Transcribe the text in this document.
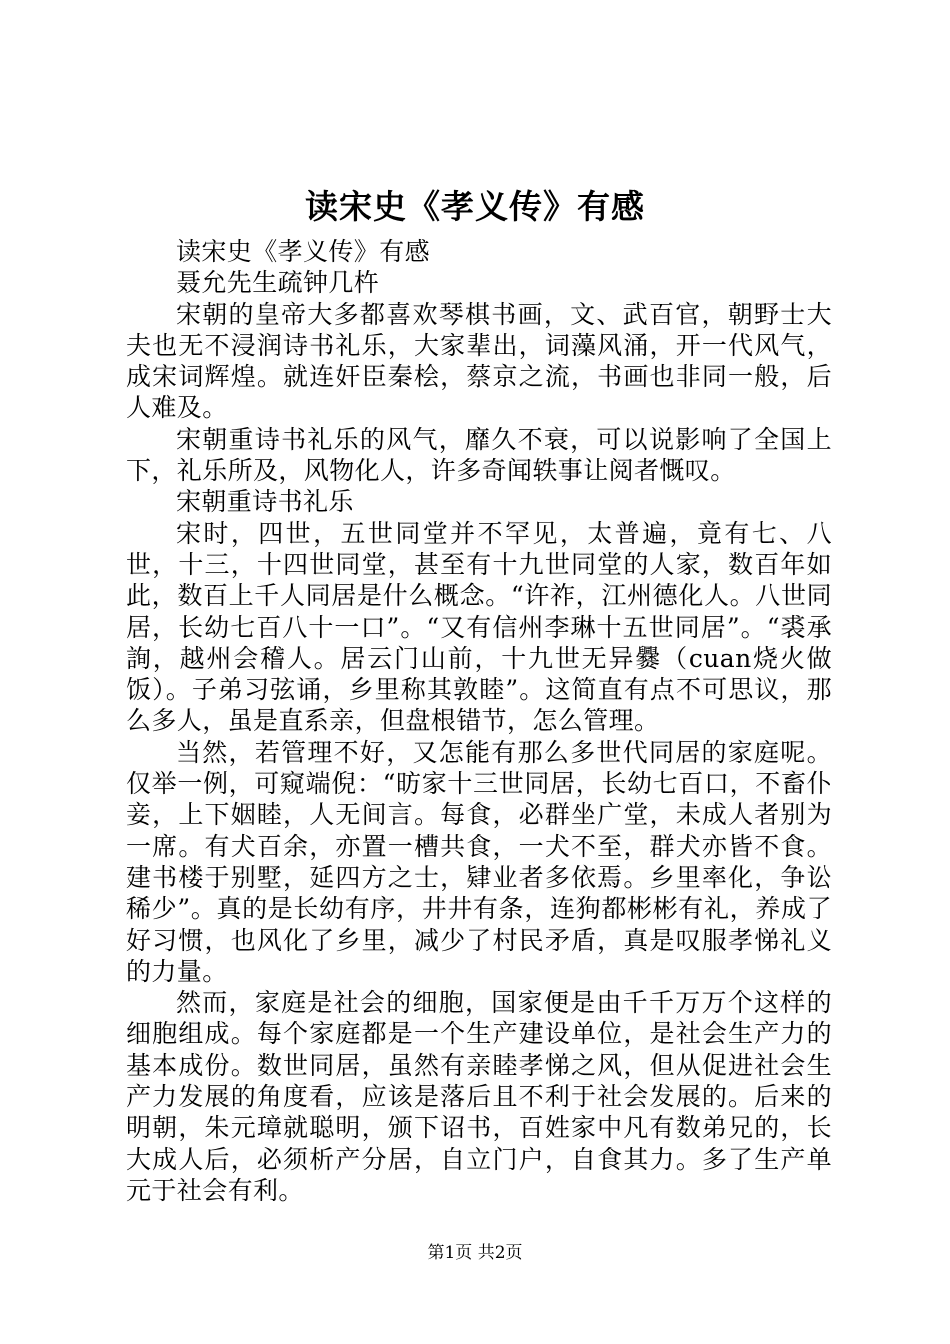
读宋史《孝义传》有感

读宋史《孝义传》有感

聂允先生疏钟几杵

宋朝的皇帝大多都喜欢琴棋书画，文、武百官，朝野士大夫也无不浸润诗书礼乐，大家辈出，词藻风涌，开一代风气，成宋词辉煌。就连奸臣秦桧，蔡京之流，书画也非同一般，后人难及。

宋朝重诗书礼乐的风气，靡久不衰，可以说影响了全国上下，礼乐所及，风物化人，许多奇闻轶事让阅者慨叹。

宋朝重诗书礼乐

宋时，四世，五世同堂并不罕见，太普遍，竟有七、八世，十三，十四世同堂，甚至有十九世同堂的人家，数百年如此，数百上千人同居是什么概念。“许祚，江州德化人。八世同居，长幼七百八十一口”。“又有信州李琳十五世同居”。“裘承詢，越州会稽人。居云门山前，十九世无异爨（cuan烧火做饭）。子弟习弦诵，乡里称其敦睦”。这简直有点不可思议，那么多人，虽是直系亲，但盘根错节，怎么管理。

当然，若管理不好，又怎能有那么多世代同居的家庭呢。仅举一例，可窥端倪：“昉家十三世同居，长幼七百口，不畜仆妾，上下姻睦，人无间言。每食，必群坐广堂，未成人者别为一席。有犬百余，亦置一槽共食，一犬不至，群犬亦皆不食。建书楼于别墅，延四方之士，肄业者多依焉。乡里率化，争讼稀少”。真的是长幼有序，井井有条，连狗都彬彬有礼，养成了好习惯，也风化了乡里，减少了村民矛盾，真是叹服孝悌礼义的力量。

然而，家庭是社会的细胞，国家便是由千千万万个这样的细胞组成。每个家庭都是一个生产建设单位，是社会生产力的基本成份。数世同居，虽然有亲睦孝悌之风，但从促进社会生产力发展的角度看，应该是落后且不利于社会发展的。后来的明朝，朱元璋就聪明，颁下诏书，百姓家中凡有数弟兄的，长大成人后，必须析产分居，自立门户，自食其力。多了生产单元于社会有利。

第1页 共2页
